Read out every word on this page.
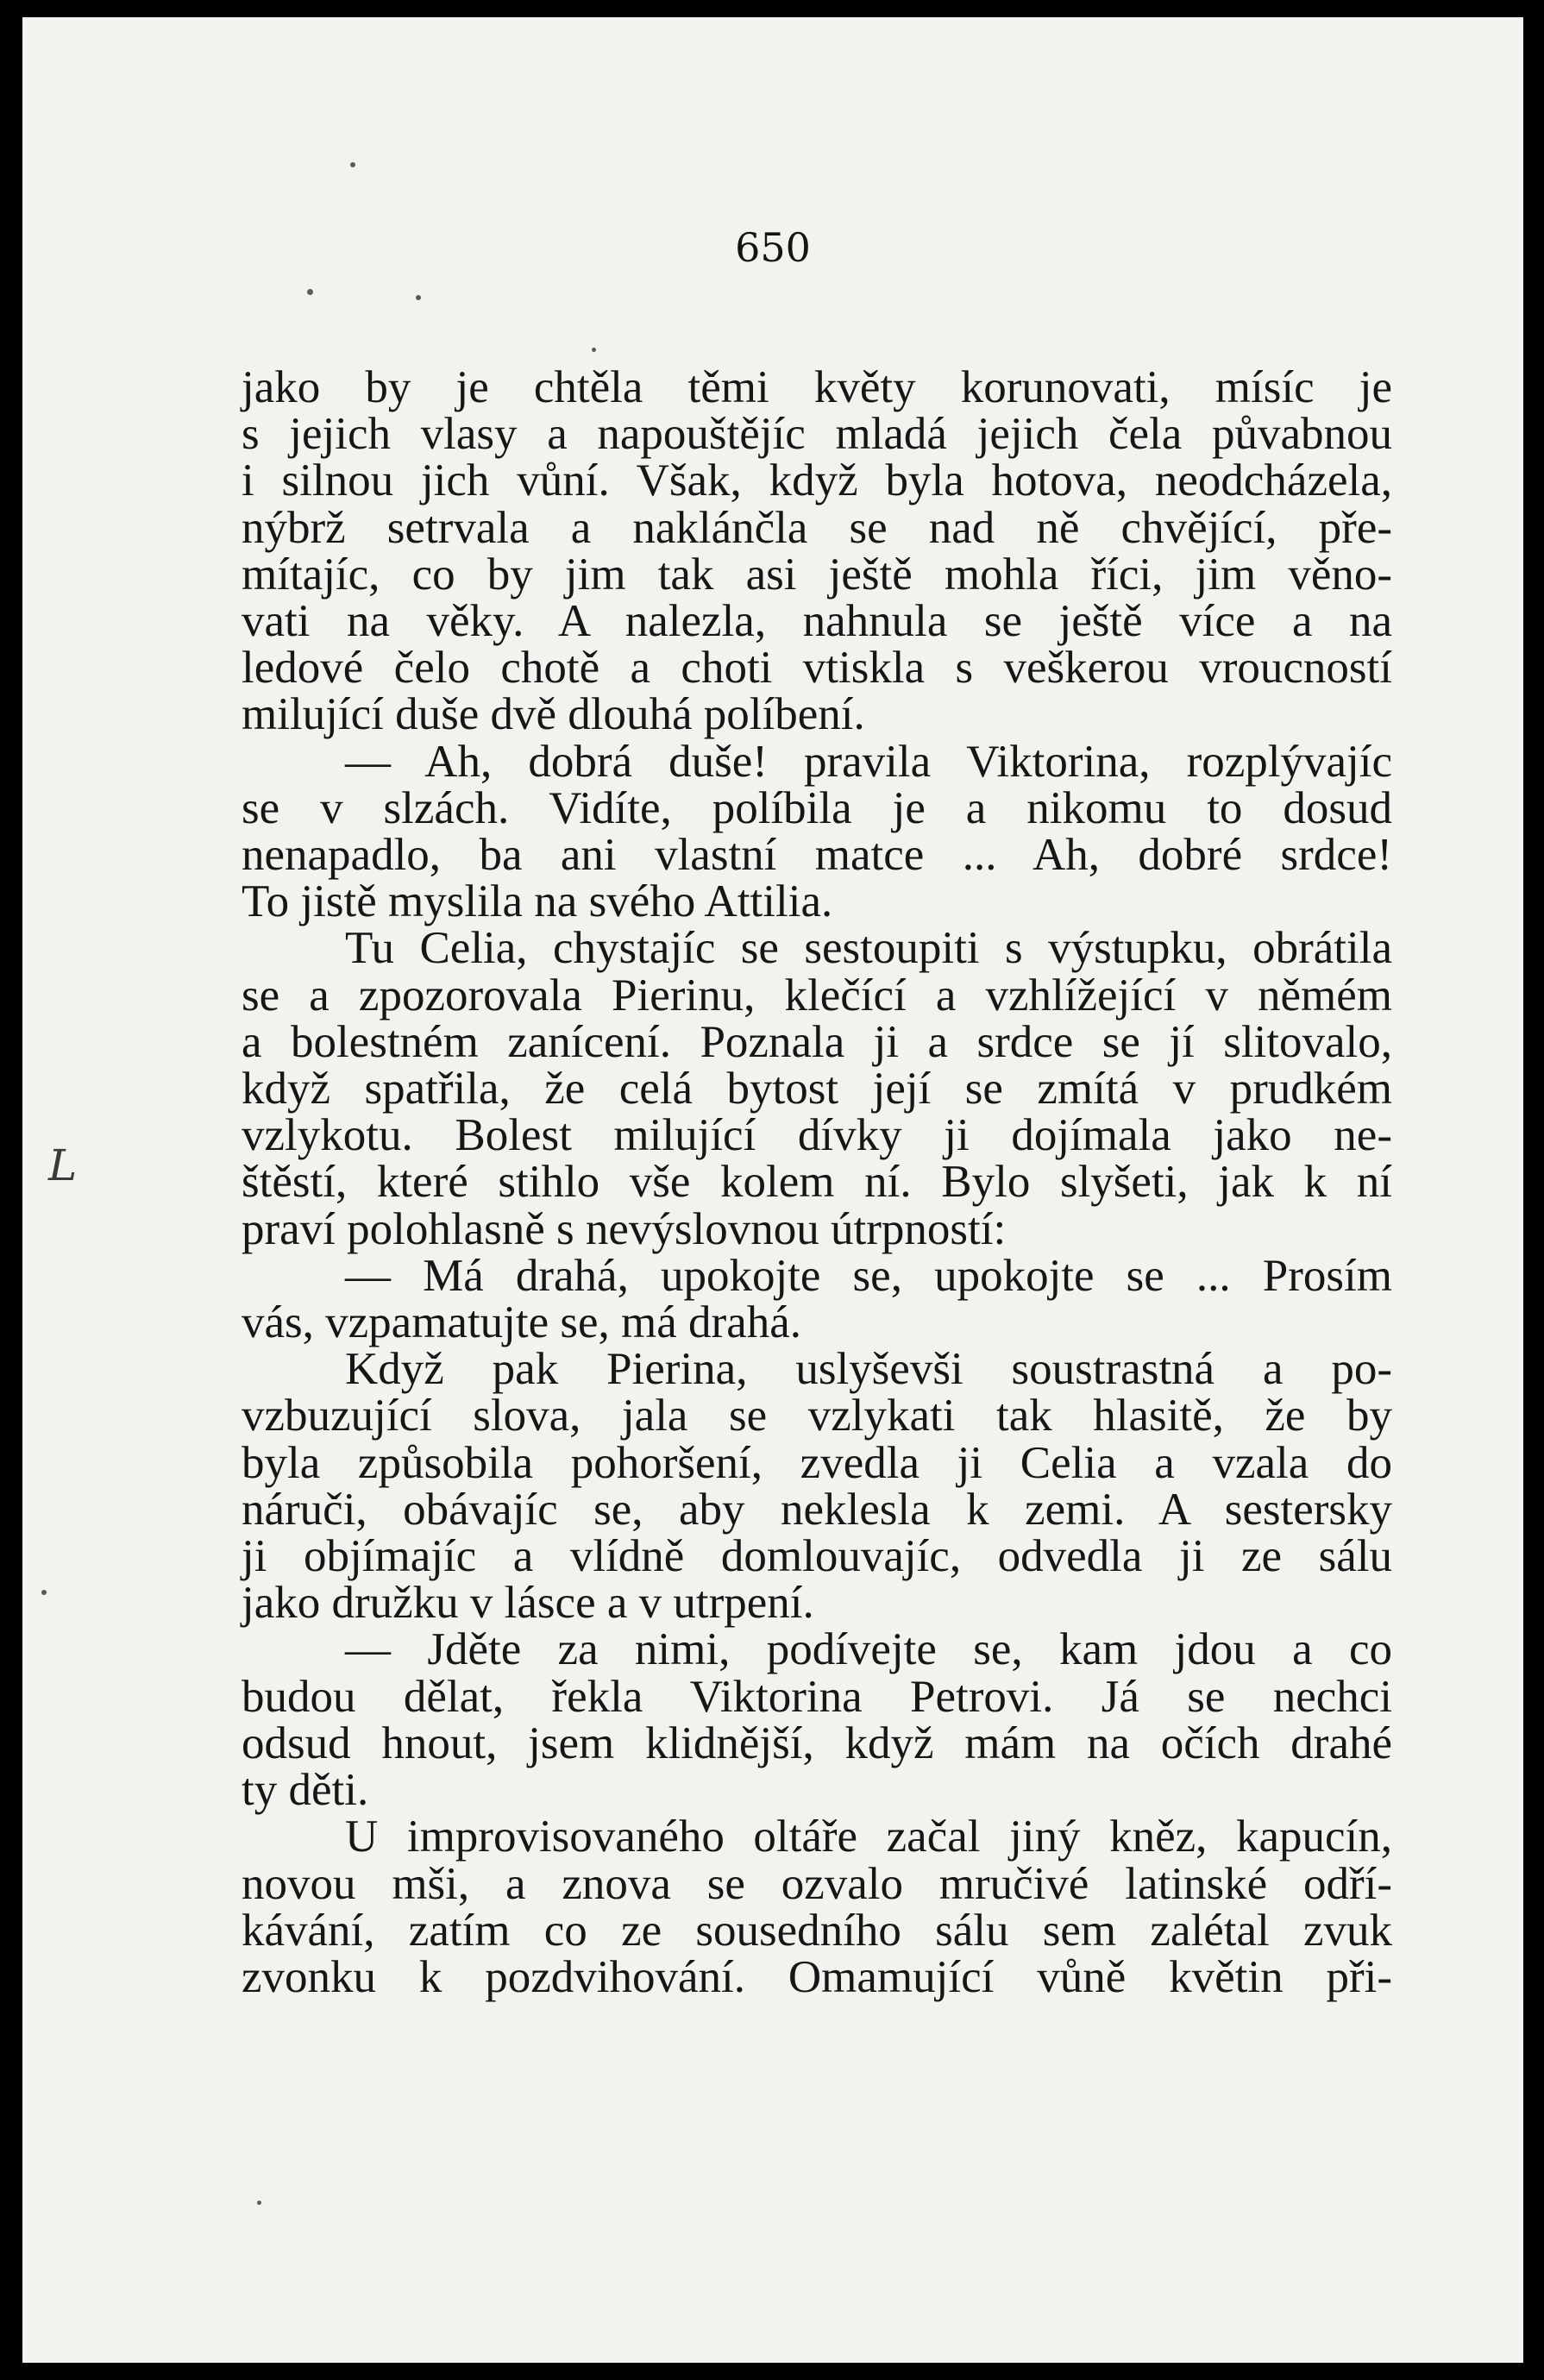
650
L
jako by je chtěla těmi květy korunovati, mísíc je
s jejich vlasy a napouštějíc mladá jejich čela půvabnou
i silnou jich vůní. Však, když byla hotova, neodcházela,
nýbrž setrvala a naklánčla se nad ně chvějící, pře-
mítajíc, co by jim tak asi ještě mohla říci, jim věno-
vati na věky. A nalezla, nahnula se ještě více a na
ledové čelo chotě a choti vtiskla s veškerou vroucností
milující duše dvě dlouhá políbení.
— Ah, dobrá duše! pravila Viktorina, rozplývajíc
se v slzách. Vidíte, políbila je a nikomu to dosud
nenapadlo, ba ani vlastní matce ... Ah, dobré srdce!
To jistě myslila na svého Attilia.
Tu Celia, chystajíc se sestoupiti s výstupku, obrátila
se a zpozorovala Pierinu, klečící a vzhlížející v němém
a bolestném zanícení. Poznala ji a srdce se jí slitovalo,
když spatřila, že celá bytost její se zmítá v prudkém
vzlykotu. Bolest milující dívky ji dojímala jako ne-
štěstí, které stihlo vše kolem ní. Bylo slyšeti, jak k ní
praví polohlasně s nevýslovnou útrpností:
— Má drahá, upokojte se, upokojte se ... Prosím
vás, vzpamatujte se, má drahá.
Když pak Pierina, uslyševši soustrastná a po-
vzbuzující slova, jala se vzlykati tak hlasitě, že by
byla způsobila pohoršení, zvedla ji Celia a vzala do
náruči, obávajíc se, aby neklesla k zemi. A sestersky
ji objímajíc a vlídně domlouvajíc, odvedla ji ze sálu
jako družku v lásce a v utrpení.
— Jděte za nimi, podívejte se, kam jdou a co
budou dělat, řekla Viktorina Petrovi. Já se nechci
odsud hnout, jsem klidnější, když mám na očích drahé
ty děti.
U improvisovaného oltáře začal jiný kněz, kapucín,
novou mši, a znova se ozvalo mručivé latinské odří-
kávání, zatím co ze sousedního sálu sem zalétal zvuk
zvonku k pozdvihování. Omamující vůně květin při-
